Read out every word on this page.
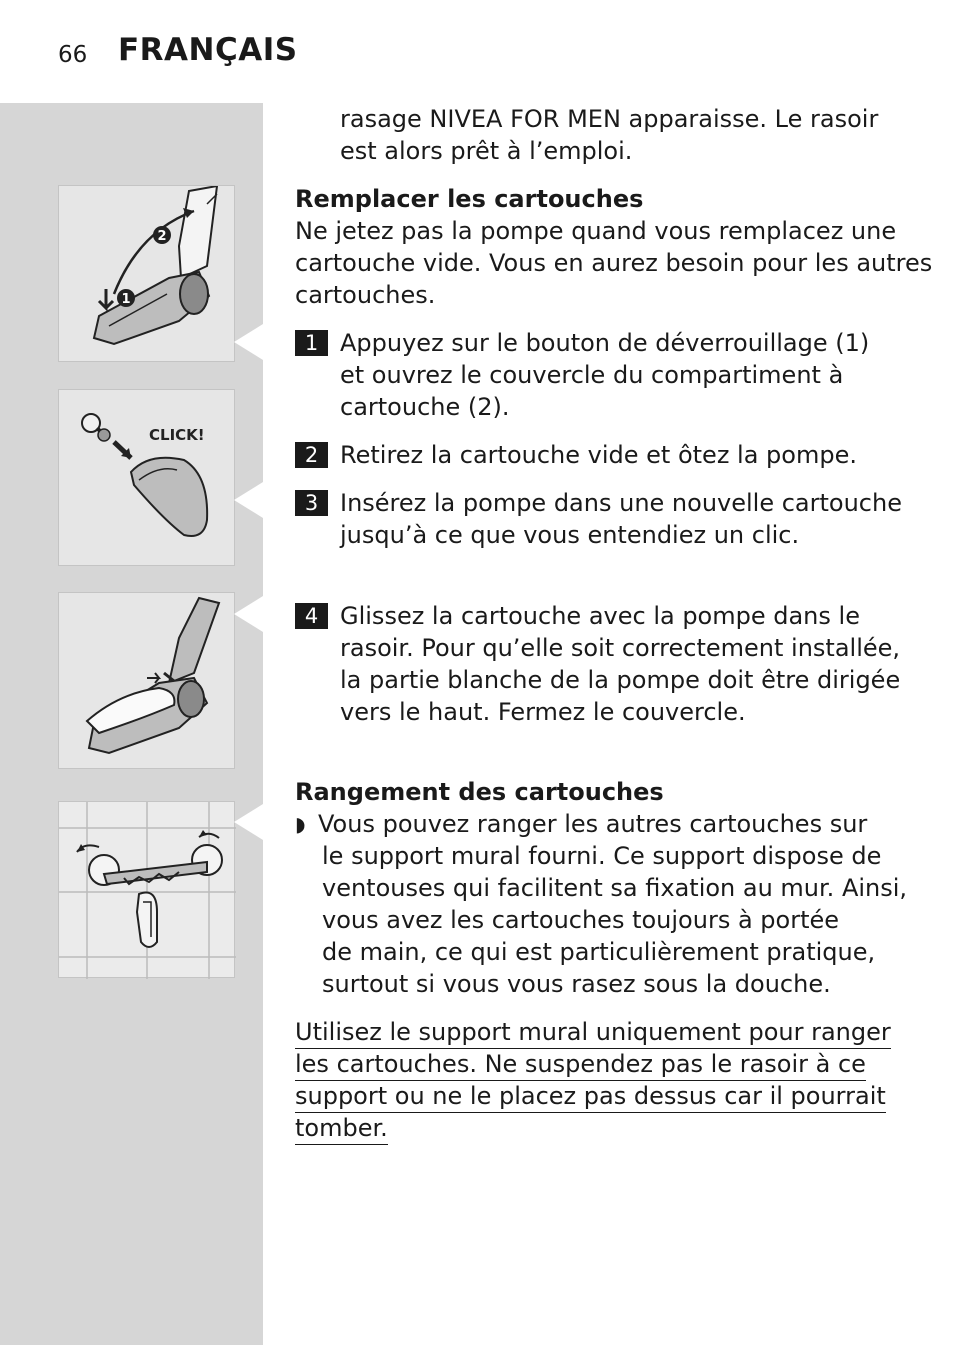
66 FRANÇAIS
2
1
CLICK!

rasage NIVEA FOR MEN apparaisse. Le rasoir
est alors prêt à l’emploi.

Remplacer les cartouches

Ne jetez pas la pompe quand vous remplacez une
cartouche vide. Vous en aurez besoin pour les autres
cartouches.

1 Appuyez sur le bouton de déverrouillage (1)
et ouvrez le couvercle du compartiment à
cartouche (2).

2 Retirez la cartouche vide et ôtez la pompe.

3 Insérez la pompe dans une nouvelle cartouche
jusqu’à ce que vous entendiez un clic.

4 Glissez la cartouche avec la pompe dans le
rasoir. Pour qu’elle soit correctement installée,
la partie blanche de la pompe doit être dirigée
vers le haut. Fermez le couvercle.

Rangement des cartouches

◗ Vous pouvez ranger les autres cartouches sur
le support mural fourni. Ce support dispose de
ventouses qui facilitent sa fixation au mur. Ainsi,
vous avez les cartouches toujours à portée
de main, ce qui est particulièrement pratique,
surtout si vous vous rasez sous la douche.

Utilisez le support mural uniquement pour ranger
les cartouches. Ne suspendez pas le rasoir à ce
support ou ne le placez pas dessus car il pourrait
tomber.
